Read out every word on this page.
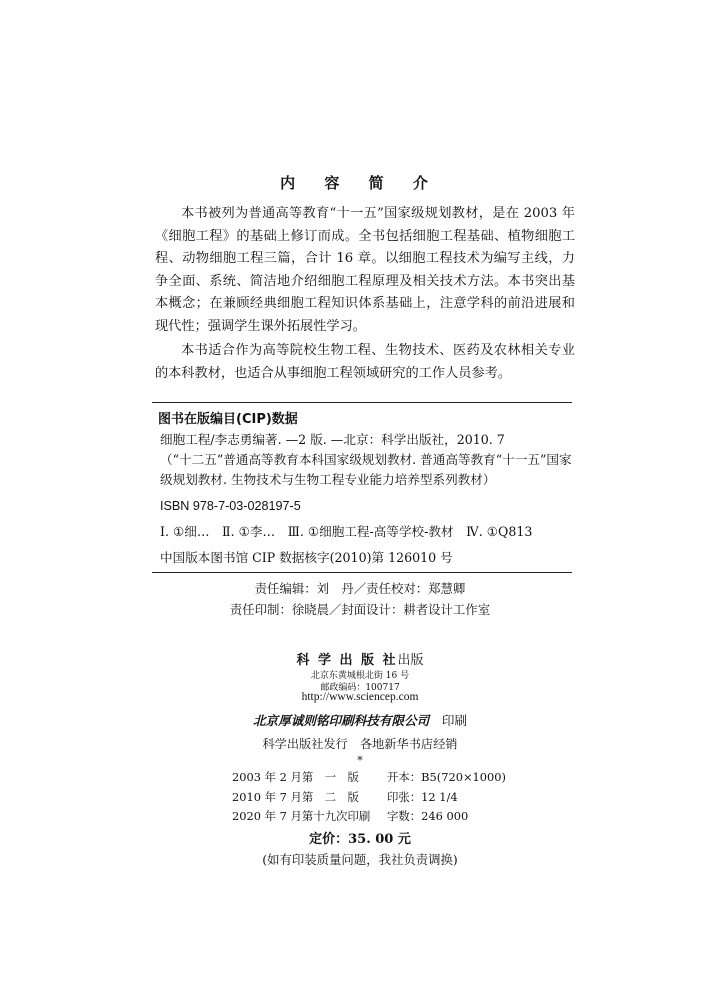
内 容 简 介

本书被列为普通高等教育“十一五”国家级规划教材，是在 2003 年《细胞工程》的基础上修订而成。全书包括细胞工程基础、植物细胞工程、动物细胞工程三篇，合计 16 章。以细胞工程技术为编写主线，力争全面、系统、简洁地介绍细胞工程原理及相关技术方法。本书突出基本概念；在兼顾经典细胞工程知识体系基础上，注意学科的前沿进展和现代性；强调学生课外拓展性学习。

本书适合作为高等院校生物工程、生物技术、医药及农林相关专业的本科教材，也适合从事细胞工程领域研究的工作人员参考。

图书在版编目(CIP)数据
细胞工程/李志勇编著. —2 版. —北京：科学出版社，2010. 7
（“十二五”普通高等教育本科国家级规划教材. 普通高等教育“十一五”国家级规划教材. 生物技术与生物工程专业能力培养型系列教材）
ISBN 978-7-03-028197-5
Ⅰ. ①细…　Ⅱ. ①李…　Ⅲ. ①细胞工程-高等学校-教材　Ⅳ. ①Q813
中国版本图书馆 CIP 数据核字(2010)第 126010 号
责任编辑：刘　丹／责任校对：郑慧卿
责任印制：徐晓晨／封面设计：耕者设计工作室
科 学 出 版 社出版
北京东黄城根北街 16 号
邮政编码：100717
http://www.sciencep.com
北京厚诚则铭印刷科技有限公司　 印刷
科学出版社发行　各地新华书店经销
*
2003 年 2 月第　一　版 开本：B5(720×1000)
2010 年 7 月第　二　版 印张：12 1/4
2020 年 7 月第十九次印刷 字数：246 000
定价：35. 00 元
(如有印装质量问题，我社负责调换)
